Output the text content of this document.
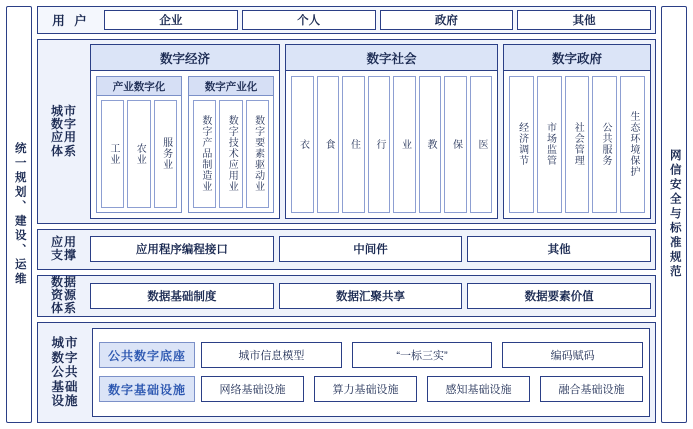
统一规划、建设、运维
用 户	企业	个人	政府	其他
城市数字应用体系
数字经济
产业数字化
工业 农业 服务业
数字产业化
数字产品制造业 数字技术应用业 数字要素驱动业
数字社会
衣 食 住 行 业 教 保 医
数字政府
经济调节 市场监管 社会管理 公共服务 生态环境保护
应用支撑	应用程序编程接口	中间件	其他
数据资源体系
数据基础制度	数据汇聚共享	数据要素价值
城市数字公共基础设施
公共数字底座	城市信息模型	“一标三实”	编码赋码
数字基础设施	网络基础设施	算力基础设施	感知基础设施	融合基础设施
网信安全与标准规范
